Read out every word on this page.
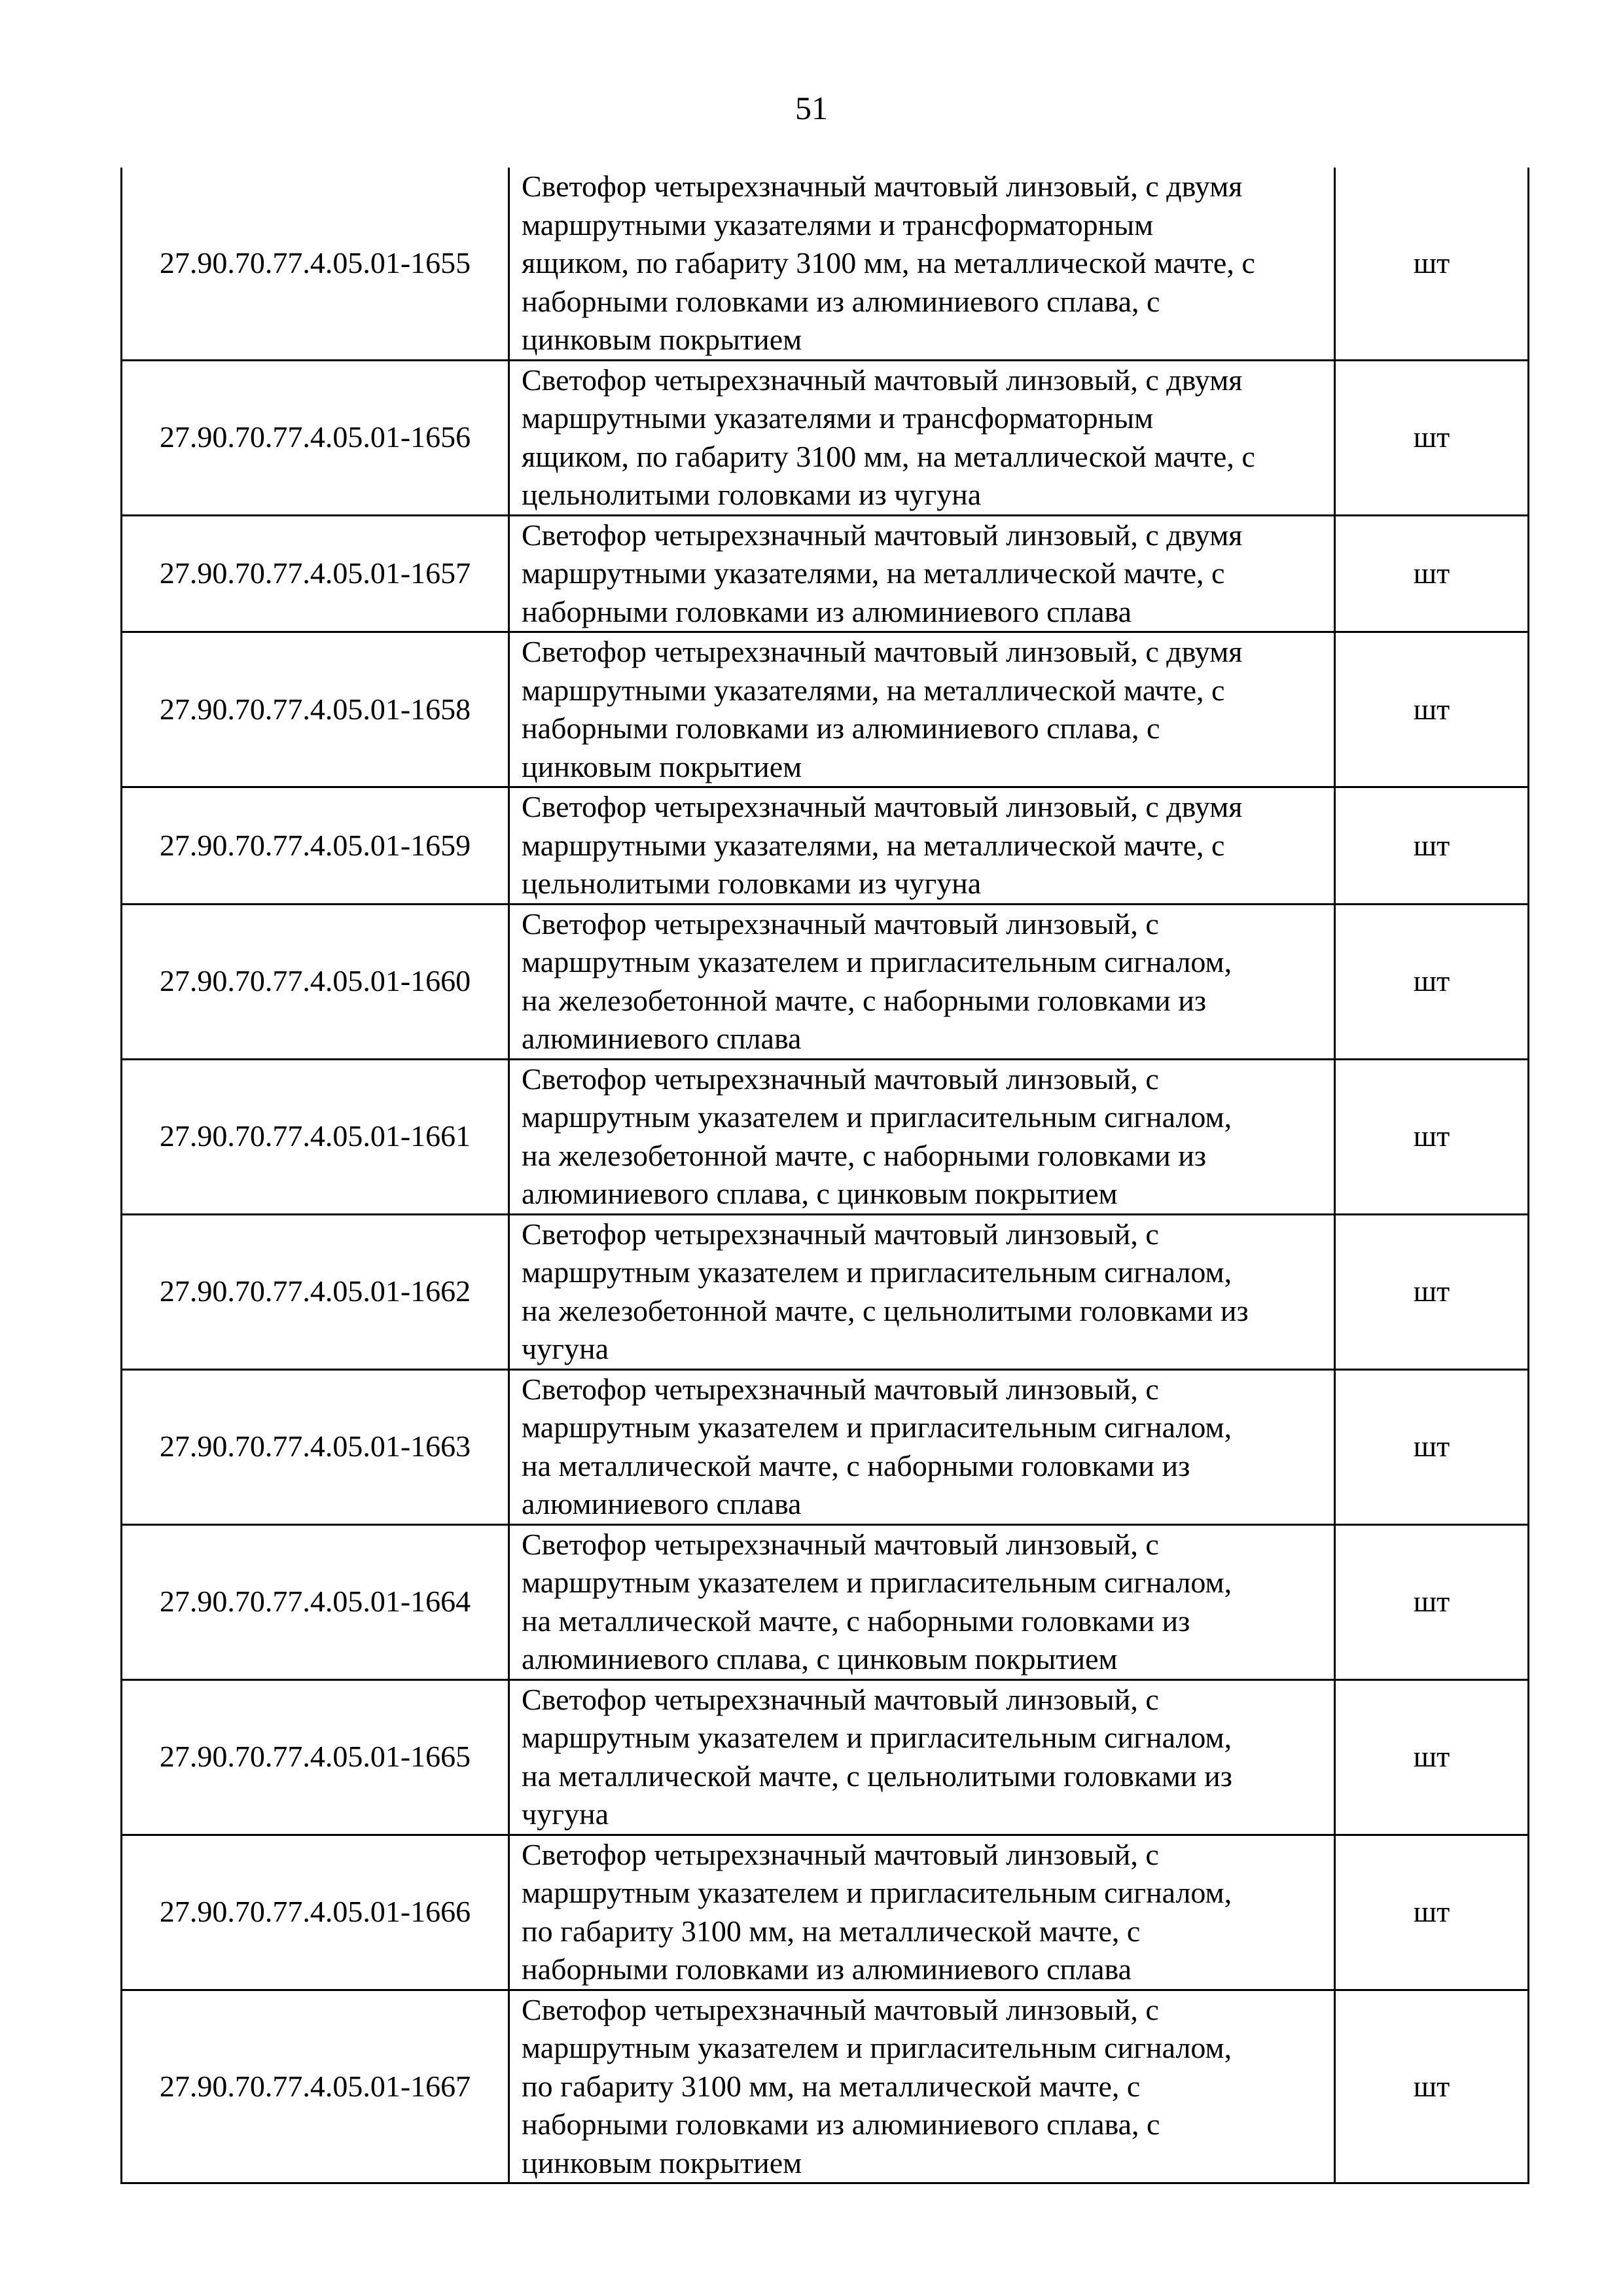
51
27.90.70.77.4.05.01-1655	Светофор четырехзначный мачтовый линзовый, с двумя
маршрутными указателями и трансформаторным
ящиком, по габариту 3100 мм, на металлической мачте, с
наборными головками из алюминиевого сплава, с
цинковым покрытием	шт
27.90.70.77.4.05.01-1656	Светофор четырехзначный мачтовый линзовый, с двумя
маршрутными указателями и трансформаторным
ящиком, по габариту 3100 мм, на металлической мачте, с
цельнолитыми головками из чугуна	шт
27.90.70.77.4.05.01-1657	Светофор четырехзначный мачтовый линзовый, с двумя
маршрутными указателями, на металлической мачте, с
наборными головками из алюминиевого сплава	шт
27.90.70.77.4.05.01-1658	Светофор четырехзначный мачтовый линзовый, с двумя
маршрутными указателями, на металлической мачте, с
наборными головками из алюминиевого сплава, с
цинковым покрытием	шт
27.90.70.77.4.05.01-1659	Светофор четырехзначный мачтовый линзовый, с двумя
маршрутными указателями, на металлической мачте, с
цельнолитыми головками из чугуна	шт
27.90.70.77.4.05.01-1660	Светофор четырехзначный мачтовый линзовый, с
маршрутным указателем и пригласительным сигналом,
на железобетонной мачте, с наборными головками из
алюминиевого сплава	шт
27.90.70.77.4.05.01-1661	Светофор четырехзначный мачтовый линзовый, с
маршрутным указателем и пригласительным сигналом,
на железобетонной мачте, с наборными головками из
алюминиевого сплава, с цинковым покрытием	шт
27.90.70.77.4.05.01-1662	Светофор четырехзначный мачтовый линзовый, с
маршрутным указателем и пригласительным сигналом,
на железобетонной мачте, с цельнолитыми головками из
чугуна	шт
27.90.70.77.4.05.01-1663	Светофор четырехзначный мачтовый линзовый, с
маршрутным указателем и пригласительным сигналом,
на металлической мачте, с наборными головками из
алюминиевого сплава	шт
27.90.70.77.4.05.01-1664	Светофор четырехзначный мачтовый линзовый, с
маршрутным указателем и пригласительным сигналом,
на металлической мачте, с наборными головками из
алюминиевого сплава, с цинковым покрытием	шт
27.90.70.77.4.05.01-1665	Светофор четырехзначный мачтовый линзовый, с
маршрутным указателем и пригласительным сигналом,
на металлической мачте, с цельнолитыми головками из
чугуна	шт
27.90.70.77.4.05.01-1666	Светофор четырехзначный мачтовый линзовый, с
маршрутным указателем и пригласительным сигналом,
по габариту 3100 мм, на металлической мачте, с
наборными головками из алюминиевого сплава	шт
27.90.70.77.4.05.01-1667	Светофор четырехзначный мачтовый линзовый, с
маршрутным указателем и пригласительным сигналом,
по габариту 3100 мм, на металлической мачте, с
наборными головками из алюминиевого сплава, с
цинковым покрытием	шт
